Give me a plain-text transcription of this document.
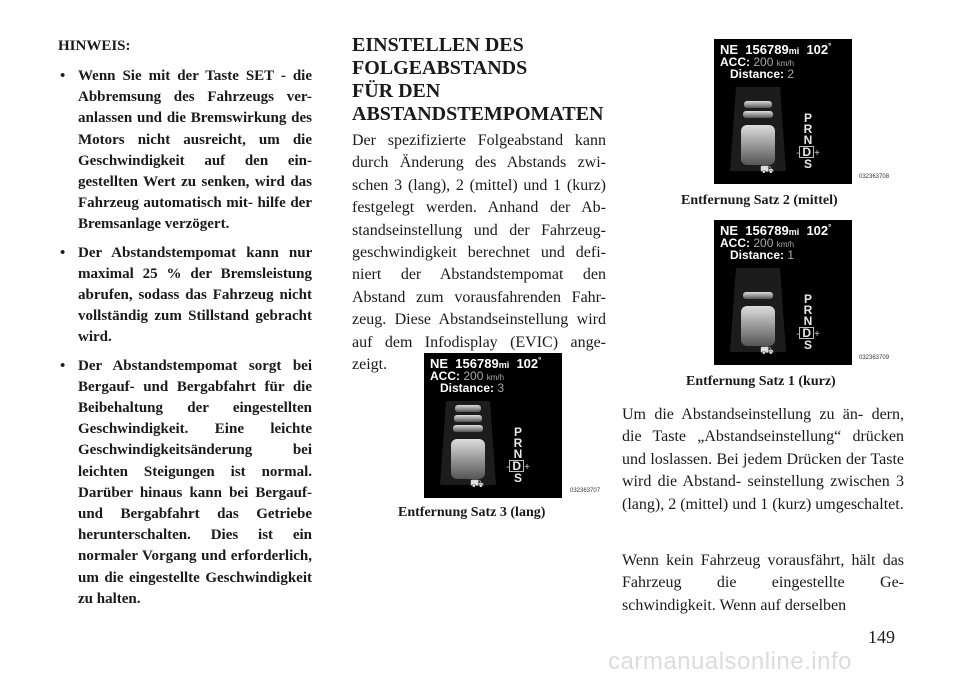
HINWEIS:
• Wenn Sie mit der Taste SET - die Abbremsung des Fahrzeugs ver- anlassen und die Bremswirkung des Motors nicht ausreicht, um die Geschwindigkeit auf den ein- gestellten Wert zu senken, wird das Fahrzeug automatisch mit- hilfe der Bremsanlage verzögert.
• Der Abstandstempomat kann nur maximal 25 % der Bremsleistung abrufen, sodass das Fahrzeug nicht vollständig zum Stillstand gebracht wird.
• Der Abstandstempomat sorgt bei Bergauf- und Bergabfahrt für die Beibehaltung der eingestellten Geschwindigkeit. Eine leichte Geschwindigkeitsänderung bei leichten Steigungen ist normal. Darüber hinaus kann bei Bergauf- und Bergabfahrt das Getriebe herunterschalten. Dies ist ein normaler Vorgang und erforderlich, um die eingestellte Geschwindigkeit zu halten.
EINSTELLEN DES
FOLGEABSTANDS
FÜR DEN
ABSTANDSTEMPOMATEN

Der spezifizierte Folgeabstand kann durch Änderung des Abstands zwi- schen 3 (lang), 2 (mittel) und 1 (kurz) festgelegt werden. Anhand der Ab- standseinstellung und der Fahrzeug- geschwindigkeit berechnet und defi- niert der Abstandstempomat den Abstand zum vorausfahrenden Fahr- zeug. Diese Abstandseinstellung wird auf dem Infodisplay (EVIC) ange- zeigt.	NE 156789mi 102°
ACC: 200 km/h
Distance: 3
⛟
P
R
N
- D +
S
032363707
Entfernung Satz 3 (lang)
NE 156789mi 102°
ACC: 200 km/h
Distance: 2
⛟
P
R
N
- D +
S
032363708
Entfernung Satz 2 (mittel)
NE 156789mi 102°
ACC: 200 km/h
Distance: 1
⛟
P
R
N
- D +
S
032363709
Entfernung Satz 1 (kurz)

Um die Abstandseinstellung zu än- dern, die Taste „Abstandseinstellung“ drücken und loslassen. Bei jedem Drücken der Taste wird die Abstand- seinstellung zwischen 3 (lang), 2 (mittel) und 1 (kurz) umgeschaltet.

Wenn kein Fahrzeug vorausfährt, hält das Fahrzeug die eingestellte Ge- schwindigkeit. Wenn auf derselben

149
carmanualsonline.info
